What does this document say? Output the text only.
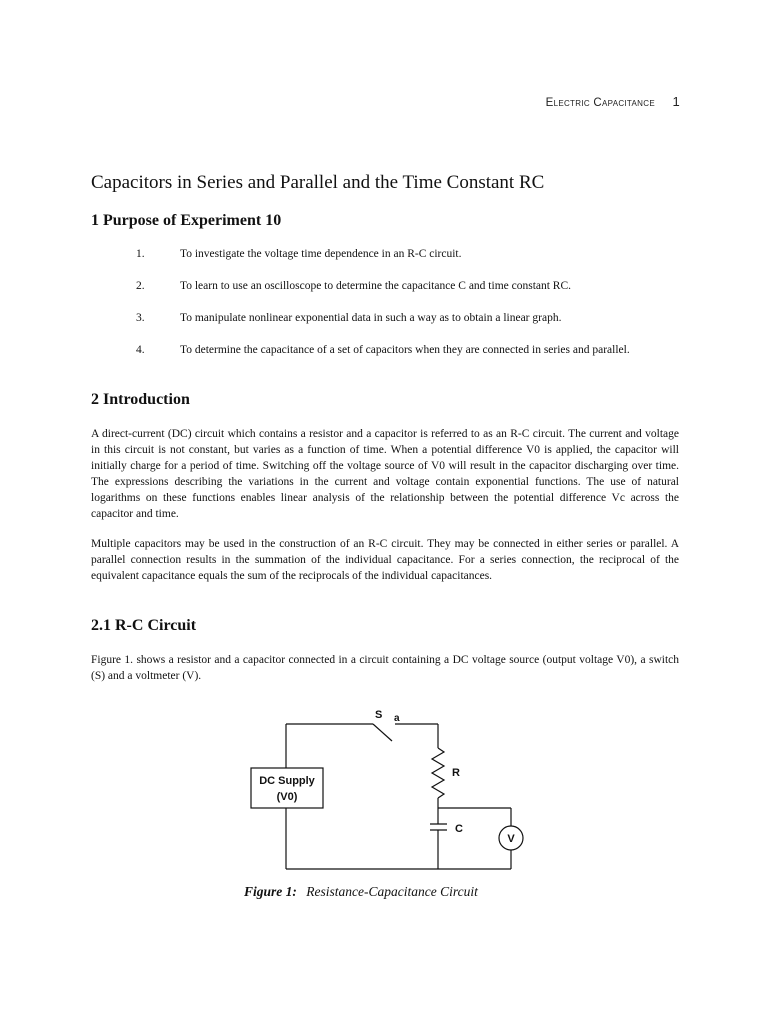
Electric Capacitance 1
Capacitors in Series and Parallel and the Time Constant RC
1 Purpose of Experiment 10
1.	To investigate the voltage time dependence in an R-C circuit.
2.	To learn to use an oscilloscope to determine the capacitance C and time constant RC.
3.	To manipulate nonlinear exponential data in such a way as to obtain a linear graph.
4.	To determine the capacitance of a set of capacitors when they are connected in series and parallel.
2 Introduction

A direct-current (DC) circuit which contains a resistor and a capacitor is referred to as an R-C circuit. The current and voltage in this circuit is not constant, but varies as a function of time. When a potential difference V0 is applied, the capacitor will initially charge for a period of time. Switching off the voltage source of V0 will result in the capacitor discharging over time. The expressions describing the variations in the current and voltage contain exponential functions. The use of natural logarithms on these functions enables linear analysis of the relationship between the potential difference Vc across the capacitor and time.

Multiple capacitors may be used in the construction of an R-C circuit. They may be connected in either series or parallel. A parallel connection results in the summation of the individual capacitance. For a series connection, the reciprocal of the equivalent capacitance equals the sum of the reciprocals of the individual capacitances.

2.1 R-C Circuit

Figure 1. shows a resistor and a capacitor connected in a circuit containing a DC voltage source (output voltage V0), a switch (S) and a voltmeter (V).

S a
R
C
V
DC Supply
(V0)

Figure 1: Resistance-Capacitance Circuit
